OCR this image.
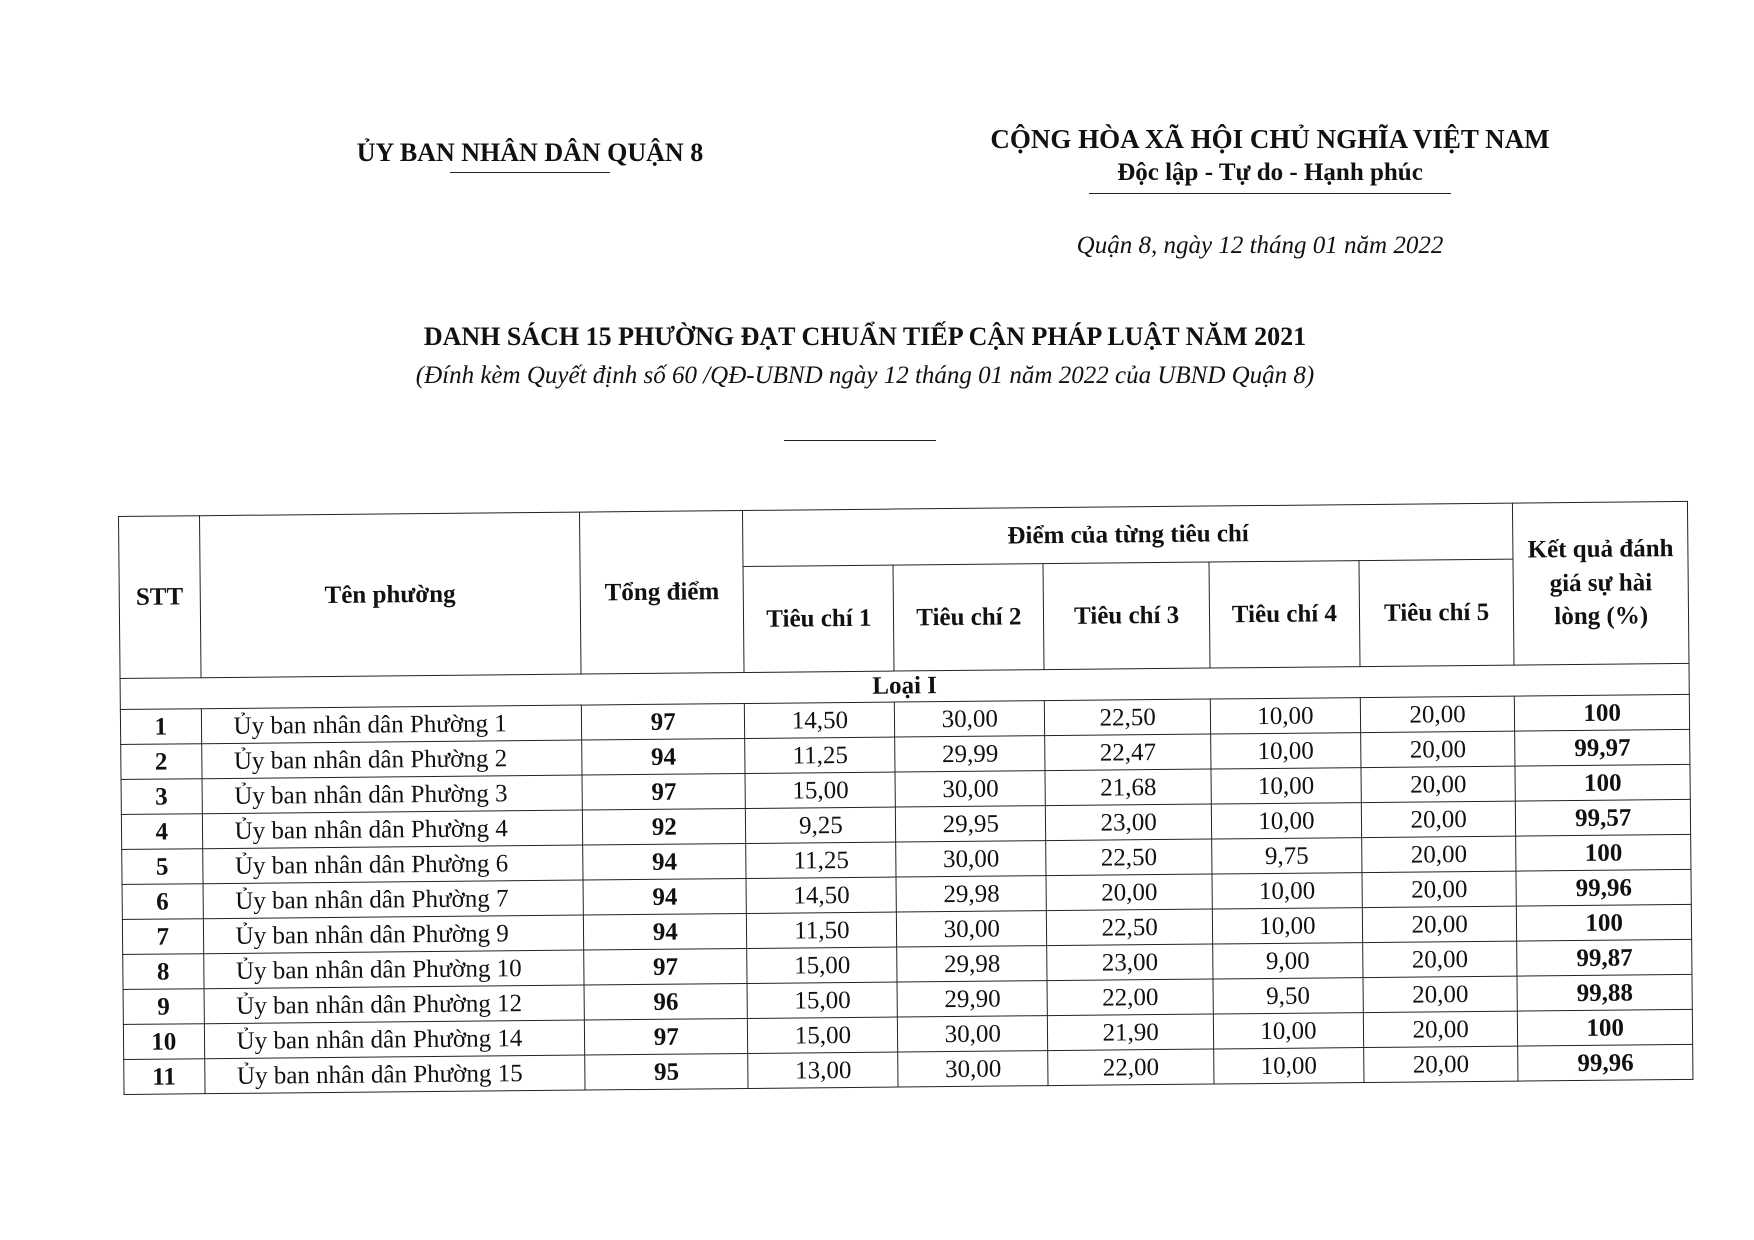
ỦY BAN NHÂN DÂN QUẬN 8	CỘNG HÒA XÃ HỘI CHỦ NGHĨA VIỆT NAM
Độc lập - Tự do - Hạnh phúc
Quận 8, ngày 12 tháng 01 năm 2022
DANH SÁCH 15 PHƯỜNG ĐẠT CHUẨN TIẾP CẬN PHÁP LUẬT NĂM 2021
(Đính kèm Quyết định số 60 /QĐ-UBND ngày 12 tháng 01 năm 2022 của UBND Quận 8)
STT	Tên phường	Tổng điểm	Điểm của từng tiêu chí					Kết quả đánh giá sự hài lòng (%)
			Tiêu chí 1	Tiêu chí 2	Tiêu chí 3	Tiêu chí 4	Tiêu chí 5	
Loại I								
1	Ủy ban nhân dân Phường 1	97	14,50	30,00	22,50	10,00	20,00	100
2	Ủy ban nhân dân Phường 2	94	11,25	29,99	22,47	10,00	20,00	99,97
3	Ủy ban nhân dân Phường 3	97	15,00	30,00	21,68	10,00	20,00	100
4	Ủy ban nhân dân Phường 4	92	9,25	29,95	23,00	10,00	20,00	99,57
5	Ủy ban nhân dân Phường 6	94	11,25	30,00	22,50	9,75	20,00	100
6	Ủy ban nhân dân Phường 7	94	14,50	29,98	20,00	10,00	20,00	99,96
7	Ủy ban nhân dân Phường 9	94	11,50	30,00	22,50	10,00	20,00	100
8	Ủy ban nhân dân Phường 10	97	15,00	29,98	23,00	9,00	20,00	99,87
9	Ủy ban nhân dân Phường 12	96	15,00	29,90	22,00	9,50	20,00	99,88
10	Ủy ban nhân dân Phường 14	97	15,00	30,00	21,90	10,00	20,00	100
11	Ủy ban nhân dân Phường 15	95	13,00	30,00	22,00	10,00	20,00	99,96
